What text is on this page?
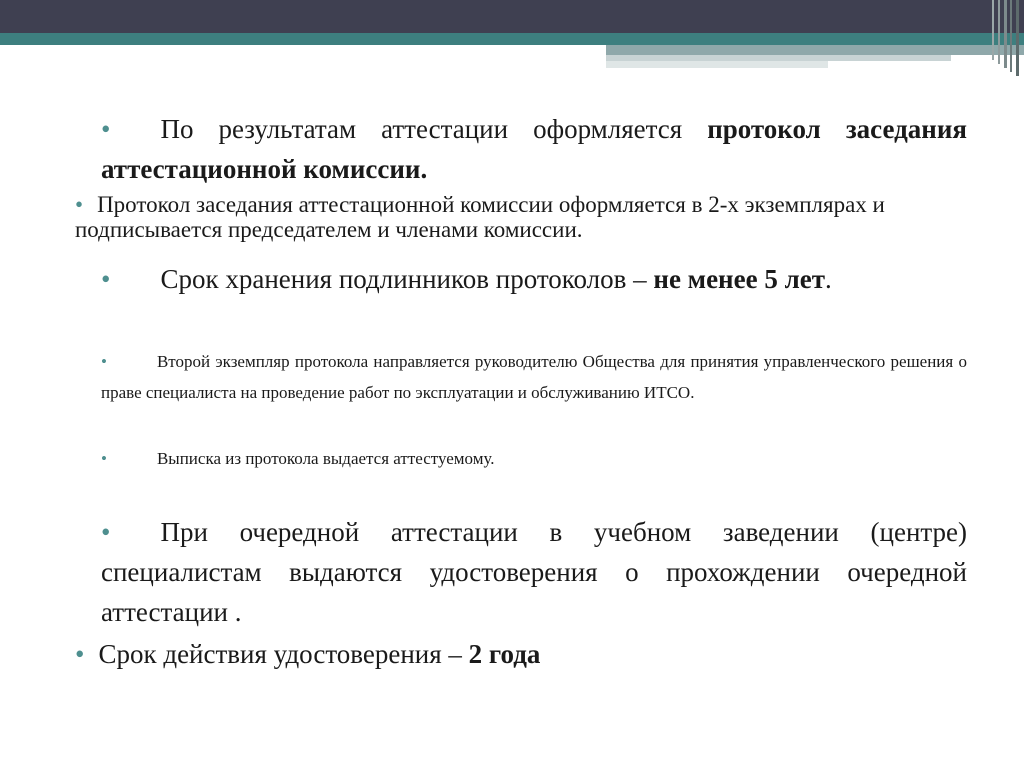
• По результатам аттестации оформляется протокол заседания аттестационной комиссии.

• Протокол заседания аттестационной комиссии оформляется в 2-х экземплярах и подписывается председателем и членами комиссии.

• Срок хранения подлинников протоколов – не менее 5 лет.

•	Второй экземпляр протокола направляется руководителю Общества для принятия управленческого решения о праве специалиста на проведение работ по эксплуатации и обслуживанию ИТСО.

•	Выписка из протокола выдается аттестуемому.

• При очередной аттестации в учебном заведении (центре) специалистам выдаются удостоверения о прохождении очередной аттестации .

• Срок действия удостоверения – 2 года
